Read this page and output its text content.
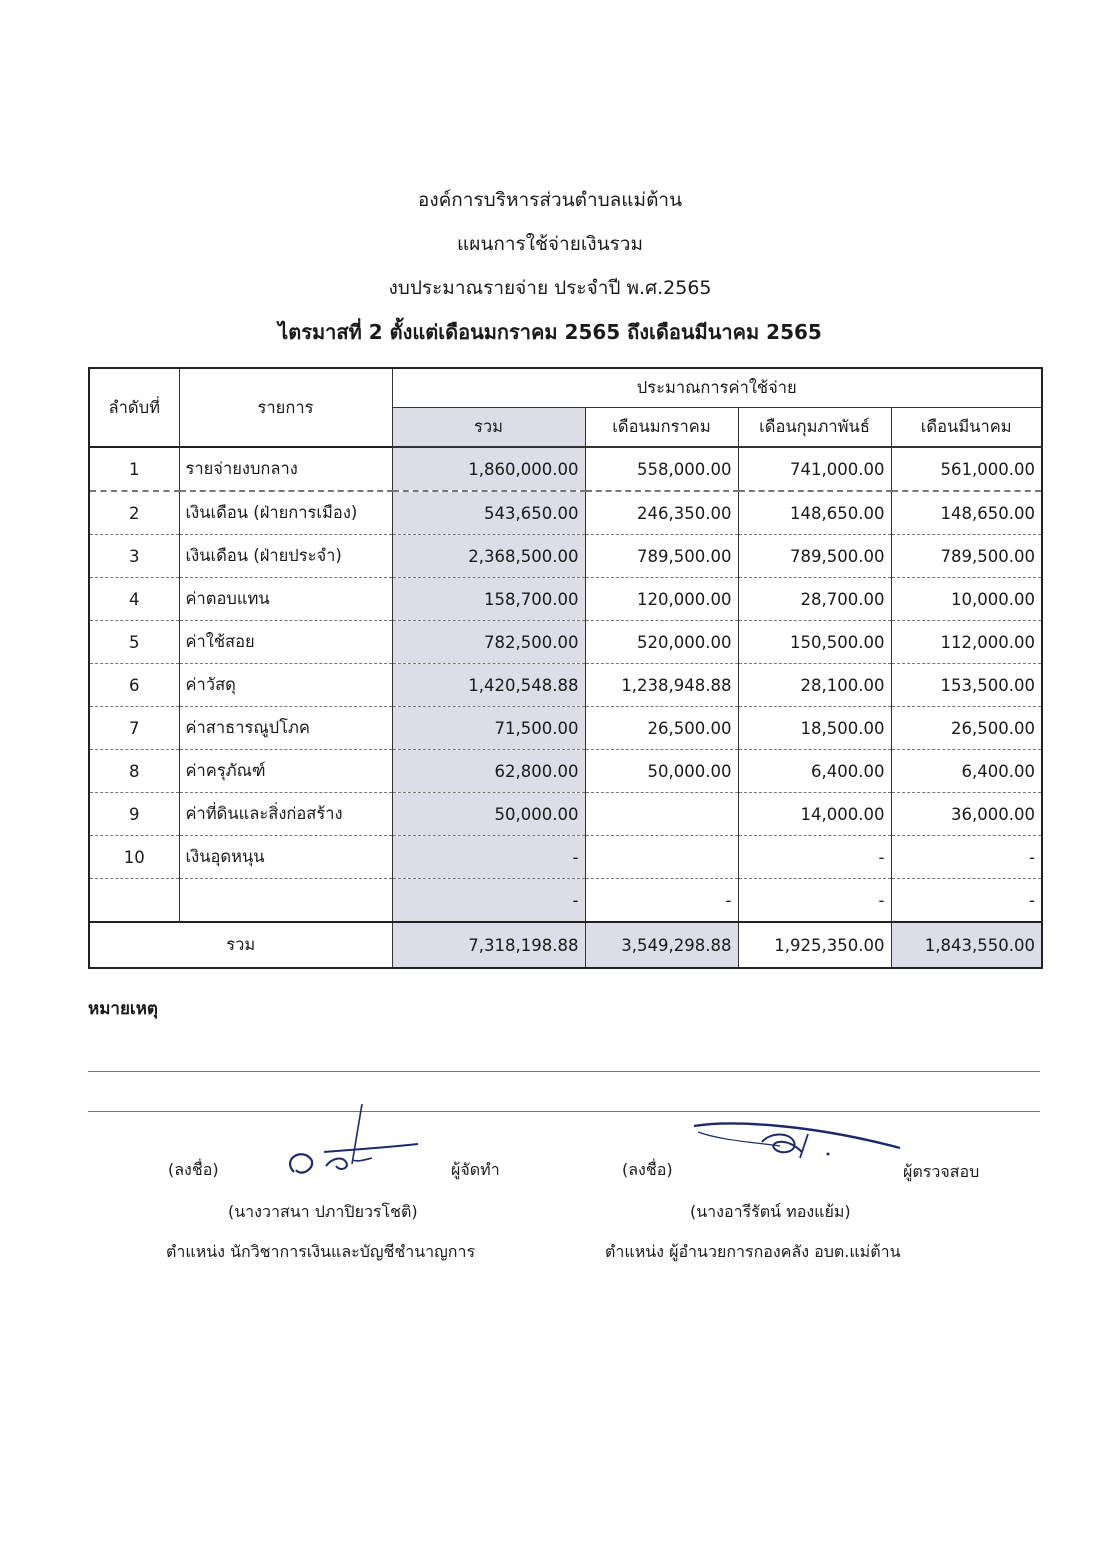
องค์การบริหารส่วนตำบลแม่ต้าน
แผนการใช้จ่ายเงินรวม
งบประมาณรายจ่าย ประจำปี พ.ศ.2565
ไตรมาสที่ 2 ตั้งแต่เดือนมกราคม 2565 ถึงเดือนมีนาคม 2565
ลำดับที่	รายการ	ประมาณการค่าใช้จ่าย			
		รวม	เดือนมกราคม	เดือนกุมภาพันธ์	เดือนมีนาคม
1	รายจ่ายงบกลาง	1,860,000.00	558,000.00	741,000.00	561,000.00
2	เงินเดือน (ฝ่ายการเมือง)	543,650.00	246,350.00	148,650.00	148,650.00
3	เงินเดือน (ฝ่ายประจำ)	2,368,500.00	789,500.00	789,500.00	789,500.00
4	ค่าตอบแทน	158,700.00	120,000.00	28,700.00	10,000.00
5	ค่าใช้สอย	782,500.00	520,000.00	150,500.00	112,000.00
6	ค่าวัสดุ	1,420,548.88	1,238,948.88	28,100.00	153,500.00
7	ค่าสาธารณูปโภค	71,500.00	26,500.00	18,500.00	26,500.00
8	ค่าครุภัณฑ์	62,800.00	50,000.00	6,400.00	6,400.00
9	ค่าที่ดินและสิ่งก่อสร้าง	50,000.00		14,000.00	36,000.00
10	เงินอุดหนุน	-		-	-
		-	-	-	-
รวม		7,318,198.88	3,549,298.88	1,925,350.00	1,843,550.00
หมายเหตุ
(ลงชื่อ)	ผู้จัดทำ
(นางวาสนา ปภาปิยวรโชติ)
ตำแหน่ง นักวิชาการเงินและบัญชีชำนาญการ
(ลงชื่อ)	ผู้ตรวจสอบ
(นางอารีรัตน์ ทองแย้ม)
ตำแหน่ง ผู้อำนวยการกองคลัง อบต.แม่ต้าน
